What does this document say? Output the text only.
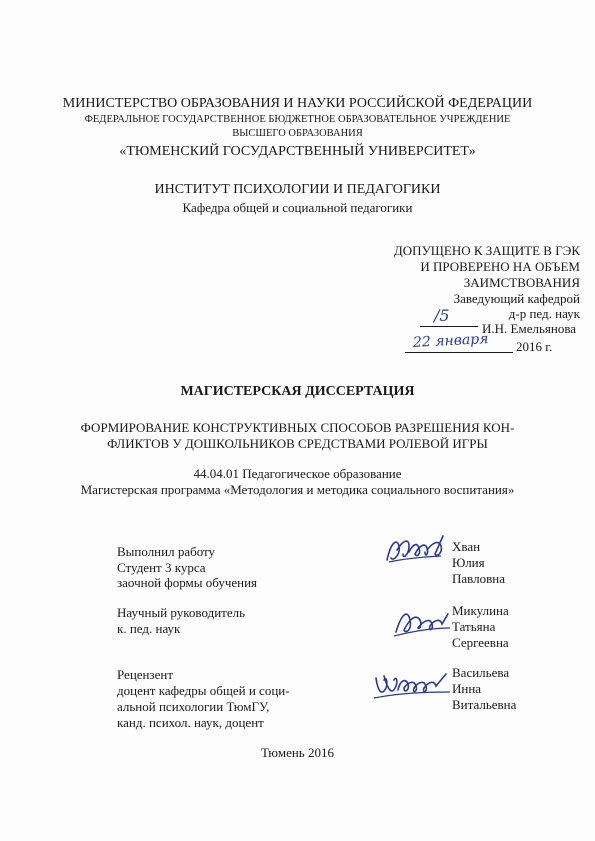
МИНИСТЕРСТВО ОБРАЗОВАНИЯ И НАУКИ РОССИЙСКОЙ ФЕДЕРАЦИИ
ФЕДЕРАЛЬНОЕ ГОСУДАРСТВЕННОЕ БЮДЖЕТНОЕ ОБРАЗОВАТЕЛЬНОЕ УЧРЕЖДЕНИЕ
ВЫСШЕГО ОБРАЗОВАНИЯ
«ТЮМЕНСКИЙ ГОСУДАРСТВЕННЫЙ УНИВЕРСИТЕТ»
ИНСТИТУТ ПСИХОЛОГИИ И ПЕДАГОГИКИ
Кафедра общей и социальной педагогики
ДОПУЩЕНО К ЗАЩИТЕ В ГЭК
И ПРОВЕРЕНО НА ОБЪЕМ
ЗАИМСТВОВАНИЯ
Заведующий кафедрой
д-р пед. наук
/5
И.Н. Емельянова
22 января 2016 г.
МАГИСТЕРСКАЯ ДИССЕРТАЦИЯ
ФОРМИРОВАНИЕ КОНСТРУКТИВНЫХ СПОСОБОВ РАЗРЕШЕНИЯ КОН-
ФЛИКТОВ У ДОШКОЛЬНИКОВ СРЕДСТВАМИ РОЛЕВОЙ ИГРЫ
44.04.01 Педагогическое образование
Магистерская программа «Методология и методика социального воспитания»
Выполнил работу
Студент 3 курса
заочной формы обучения
Хван
Юлия
Павловна
Научный руководитель
к. пед. наук
Микулина
Татьяна
Сергеевна
Рецензент
доцент кафедры общей и соци-
альной психологии ТюмГУ,
канд. психол. наук, доцент
Васильева
Инна
Витальевна
Тюмень 2016
